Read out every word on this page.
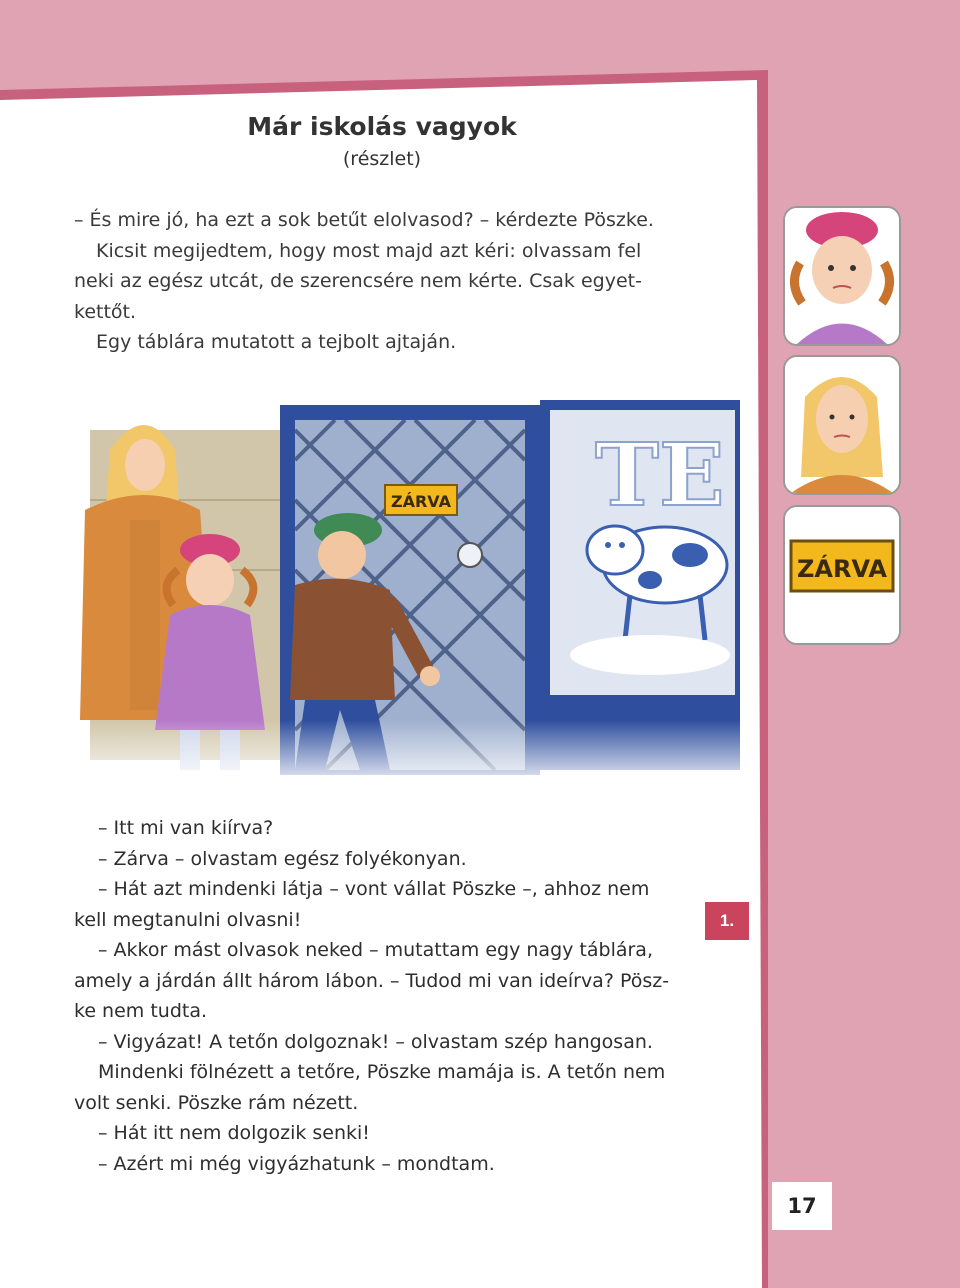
Már iskolás vagyok
(részlet)

– És mire jó, ha ezt a sok betűt elolvasod? – kérdezte Pöszke.

Kicsit megijedtem, hogy most majd azt kéri: olvassam fel

neki az egész utcát, de szerencsére nem kérte. Csak egyet-

kettőt.

Egy táblára mutatott a tejbolt ajtaján.

ZÁRVA TE
ZÁRVA

– Itt mi van kiírva?

– Zárva – olvastam egész folyékonyan.

– Hát azt mindenki látja – vont vállat Pöszke –, ahhoz nem

kell megtanulni olvasni!

– Akkor mást olvasok neked – mutattam egy nagy táblára,

amely a járdán állt három lábon. – Tudod mi van ideírva? Pösz-

ke nem tudta.

– Vigyázat! A tetőn dolgoznak! – olvastam szép hangosan.

Mindenki fölnézett a tetőre, Pöszke mamája is. A tetőn nem

volt senki. Pöszke rám nézett.

– Hát itt nem dolgozik senki!

– Azért mi még vigyázhatunk – mondtam.

1.
17
